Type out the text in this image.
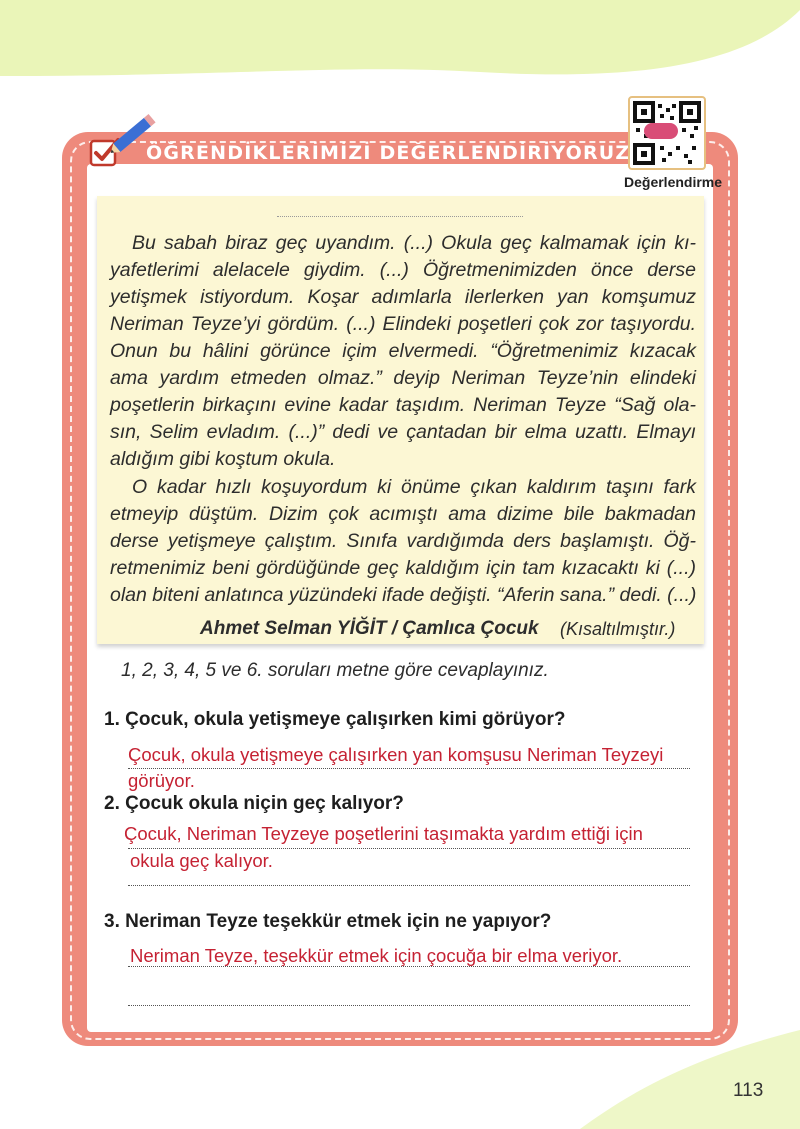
ÖĞRENDİKLERİMİZİ DEĞERLENDİRİYORUZ
Değerlendirme
Bu sabah biraz geç uyandım. (...) Okula geç kalmamak için kı-
yafetlerimi alelacele giydim. (...) Öğretmenimizden önce derse
yetişmek istiyordum. Koşar adımlarla ilerlerken yan komşumuz
Neriman Teyze’yi gördüm. (...) Elindeki poşetleri çok zor taşıyordu.
Onun bu hâlini görünce içim elvermedi. “Öğretmenimiz kızacak
ama yardım etmeden olmaz.” deyip Neriman Teyze’nin elindeki
poşetlerin birkaçını evine kadar taşıdım. Neriman Teyze “Sağ ola-
sın, Selim evladım. (...)” dedi ve çantadan bir elma uzattı. Elmayı
aldığım gibi koştum okula.
O kadar hızlı koşuyordum ki önüme çıkan kaldırım taşını fark
etmeyip düştüm. Dizim çok acımıştı ama dizime bile bakmadan
derse yetişmeye çalıştım. Sınıfa vardığımda ders başlamıştı. Öğ-
retmenimiz beni gördüğünde geç kaldığım için tam kızacaktı ki (...)
olan biteni anlatınca yüzündeki ifade değişti. “Aferin sana.” dedi. (...)
Ahmet Selman YİĞİT / Çamlıca Çocuk (Kısaltılmıştır.)
1, 2, 3, 4, 5 ve 6. soruları metne göre cevaplayınız.
1. Çocuk, okula yetişmeye çalışırken kimi görüyor?
Çocuk, okula yetişmeye çalışırken yan komşusu Neriman Teyzeyi
görüyor.
2. Çocuk okula niçin geç kalıyor?
Çocuk, Neriman Teyzeye poşetlerini taşımakta yardım ettiği için
okula geç kalıyor.
3. Neriman Teyze teşekkür etmek için ne yapıyor?
Neriman Teyze, teşekkür etmek için çocuğa bir elma veriyor.
113
